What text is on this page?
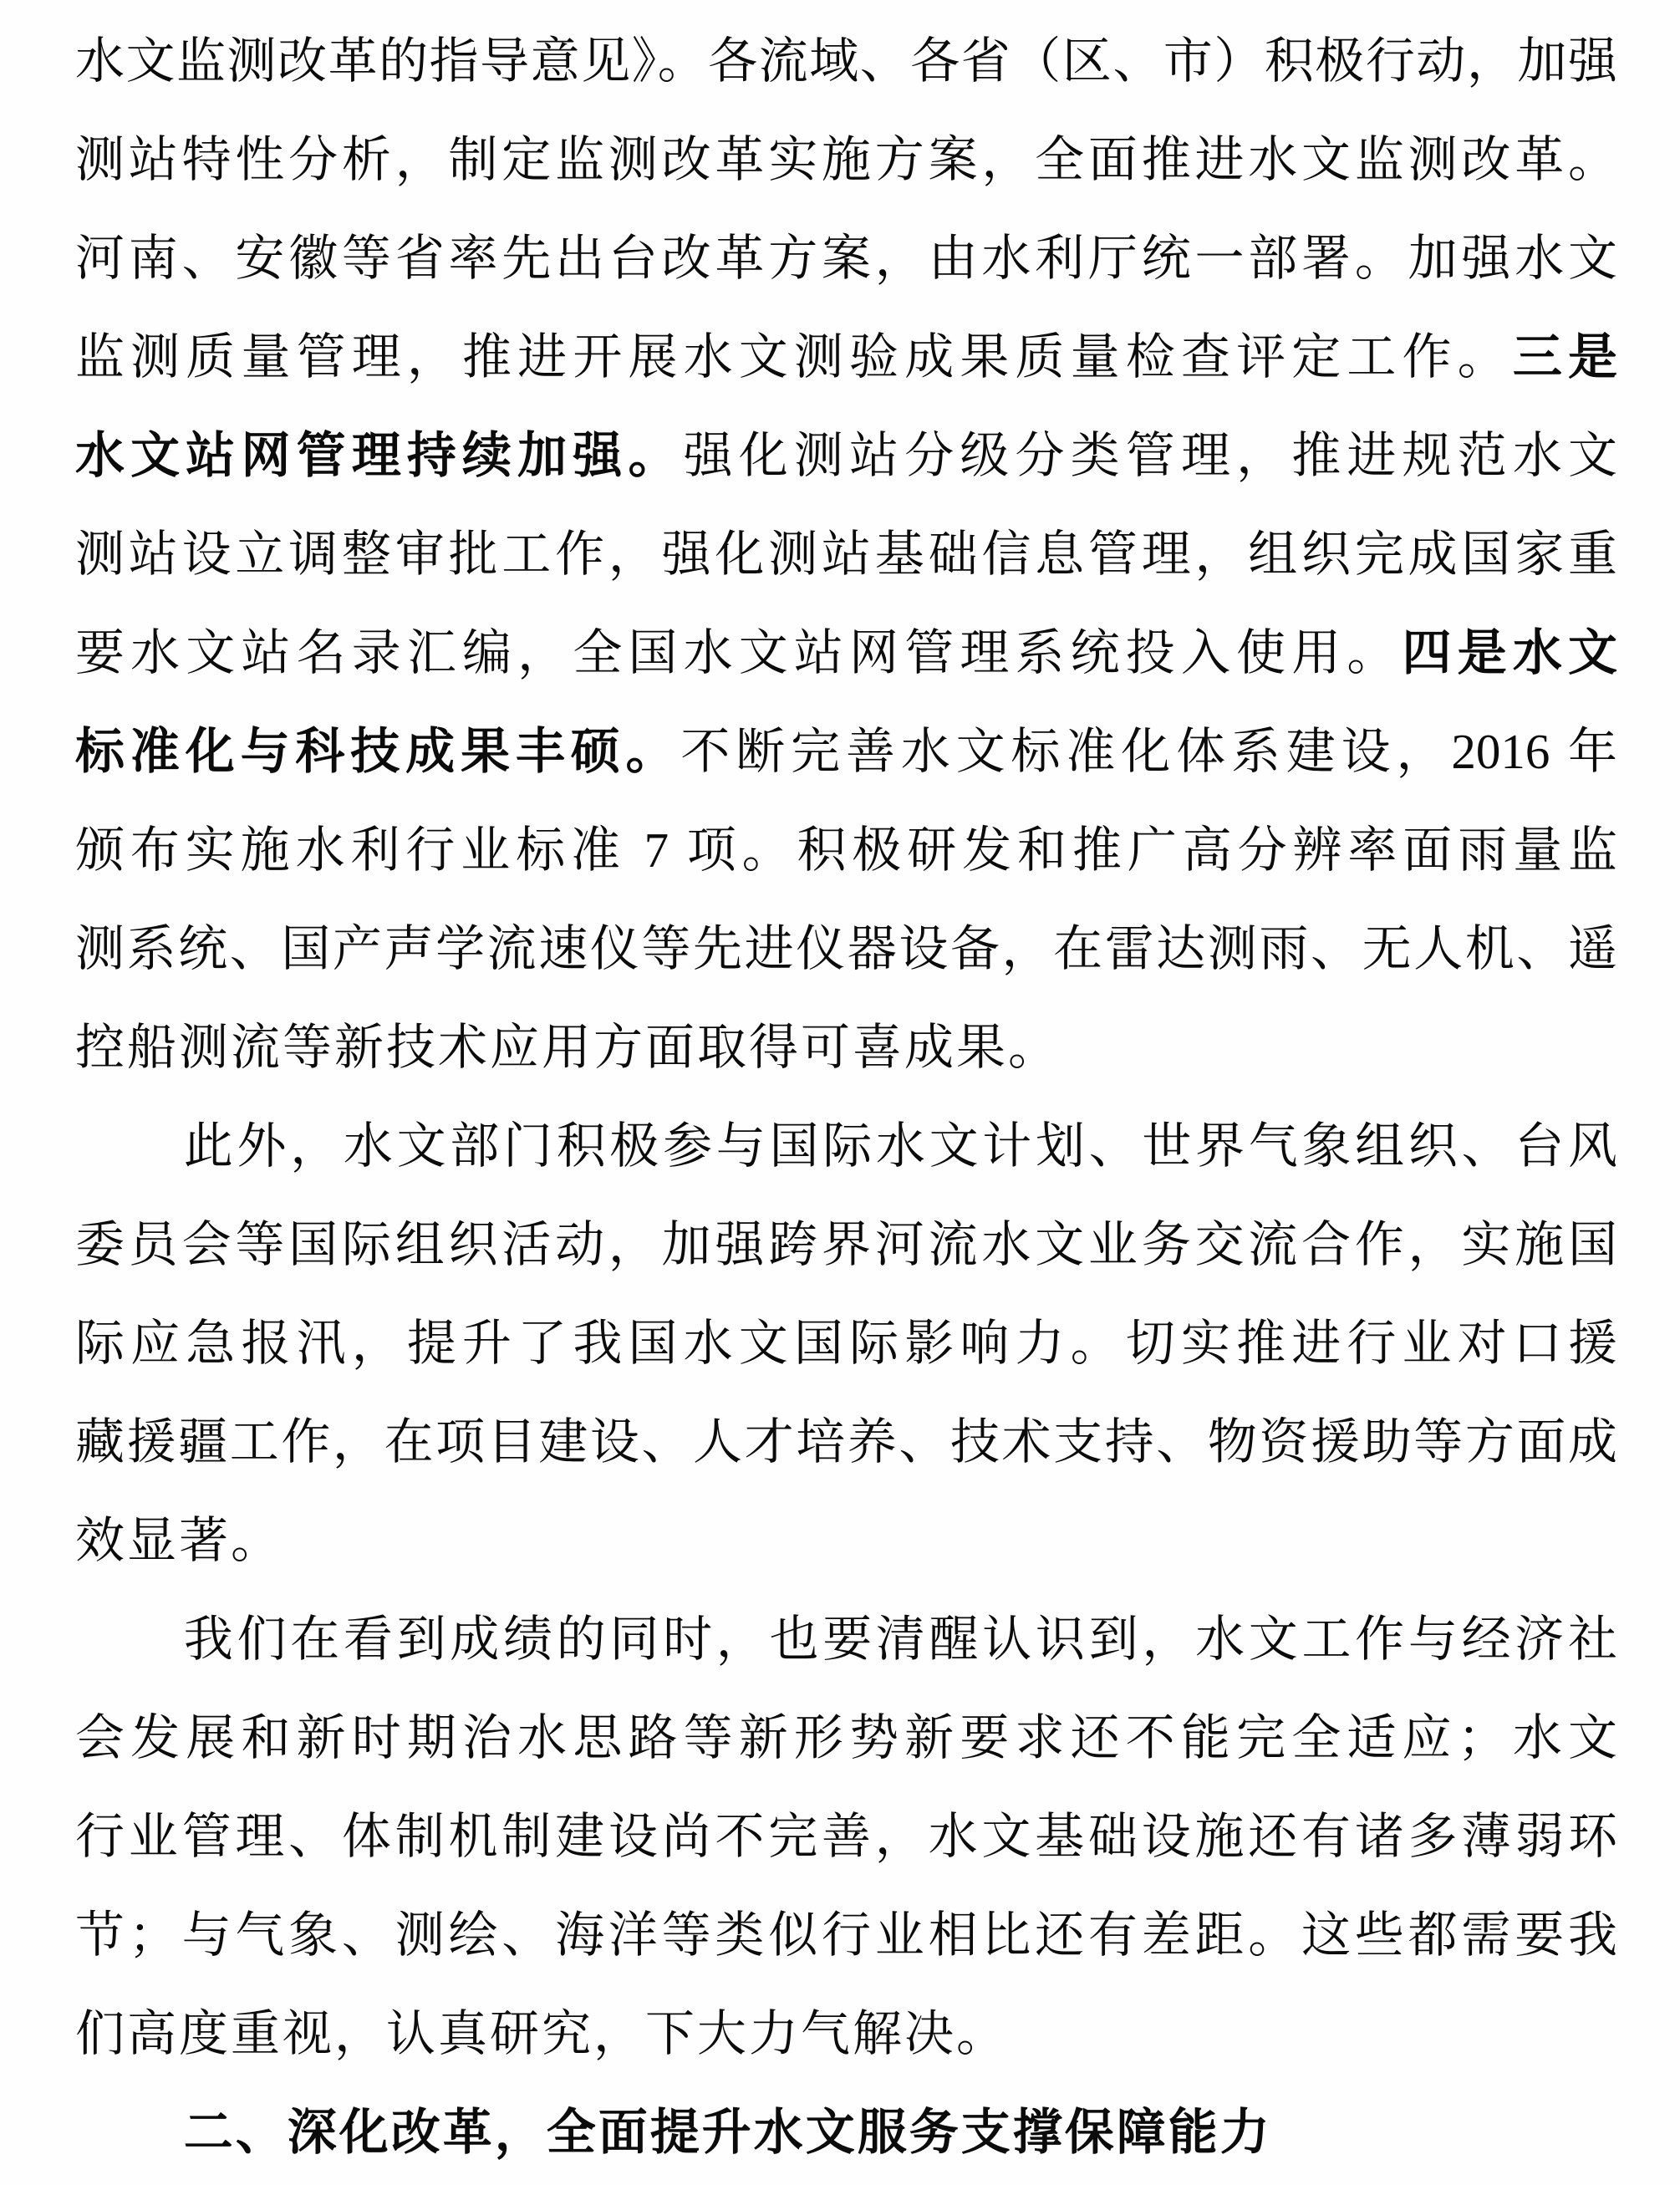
水文监测改革的指导意见》。各流域、各省（区、市）积极行动，加强
测站特性分析，制定监测改革实施方案，全面推进水文监测改革。
河南、安徽等省率先出台改革方案，由水利厅统一部署。加强水文
监测质量管理，推进开展水文测验成果质量检查评定工作。三是
水文站网管理持续加强。强化测站分级分类管理，推进规范水文
测站设立调整审批工作，强化测站基础信息管理，组织完成国家重
要水文站名录汇编，全国水文站网管理系统投入使用。四是水文
标准化与科技成果丰硕。不断完善水文标准化体系建设，2016 年
颁布实施水利行业标准 7 项。积极研发和推广高分辨率面雨量监
测系统、国产声学流速仪等先进仪器设备，在雷达测雨、无人机、遥
控船测流等新技术应用方面取得可喜成果。
此外，水文部门积极参与国际水文计划、世界气象组织、台风
委员会等国际组织活动，加强跨界河流水文业务交流合作，实施国
际应急报汛，提升了我国水文国际影响力。切实推进行业对口援
藏援疆工作，在项目建设、人才培养、技术支持、物资援助等方面成
效显著。
我们在看到成绩的同时，也要清醒认识到，水文工作与经济社
会发展和新时期治水思路等新形势新要求还不能完全适应；水文
行业管理、体制机制建设尚不完善，水文基础设施还有诸多薄弱环
节；与气象、测绘、海洋等类似行业相比还有差距。这些都需要我
们高度重视，认真研究，下大力气解决。
二、深化改革，全面提升水文服务支撑保障能力
